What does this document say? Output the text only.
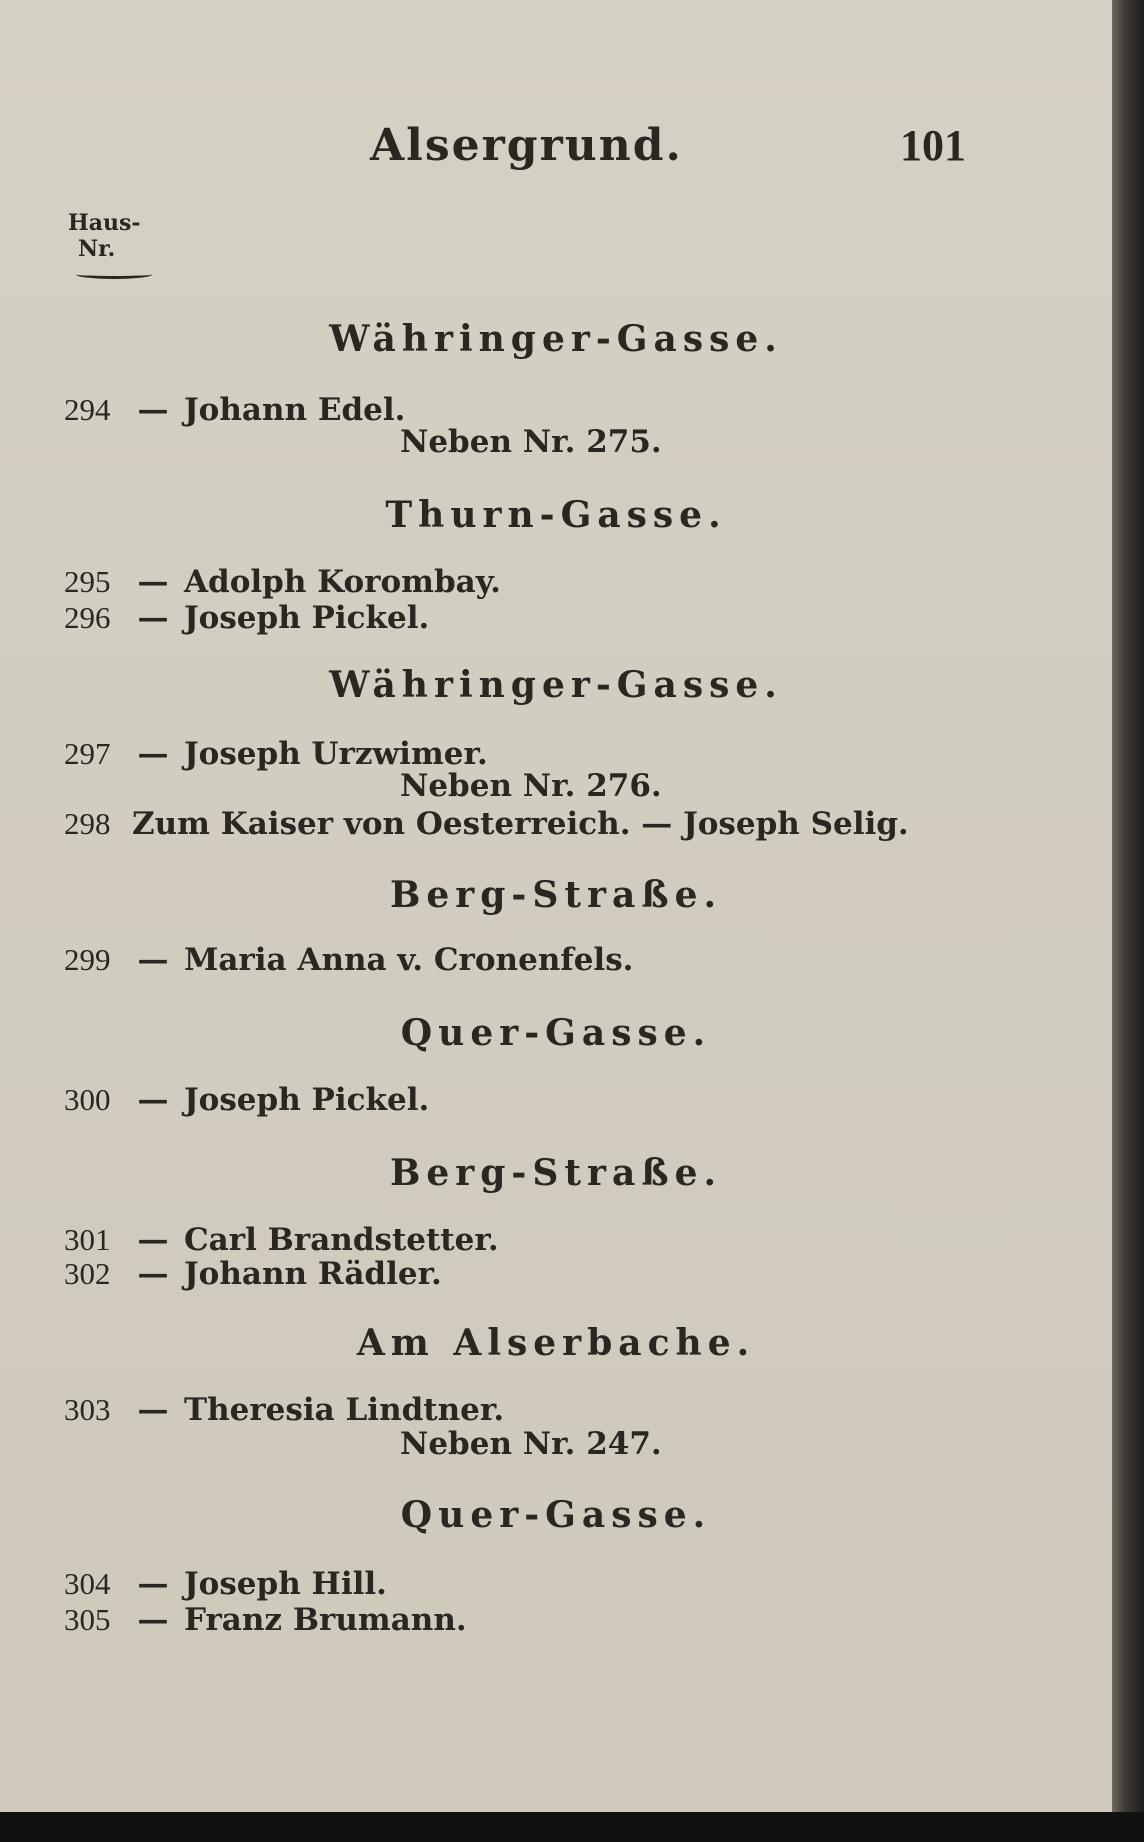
Alsergrund.	101
Haus-
Nr.
Währinger-Gasse.
294 — Johann Edel.
Neben Nr. 275.
Thurn-Gasse.
295 — Adolph Korombay.
296 — Joseph Pickel.
Währinger-Gasse.
297 — Joseph Urzwimer.
Neben Nr. 276.
298 Zum Kaiser von Oesterreich. — Joseph Selig.
Berg-Straße.
299 — Maria Anna v. Cronenfels.
Quer-Gasse.
300 — Joseph Pickel.
Berg-Straße.
301 — Carl Brandstetter.
302 — Johann Rädler.
Am Alserbache.
303 — Theresia Lindtner.
Neben Nr. 247.
Quer-Gasse.
304 — Joseph Hill.
305 — Franz Brumann.
